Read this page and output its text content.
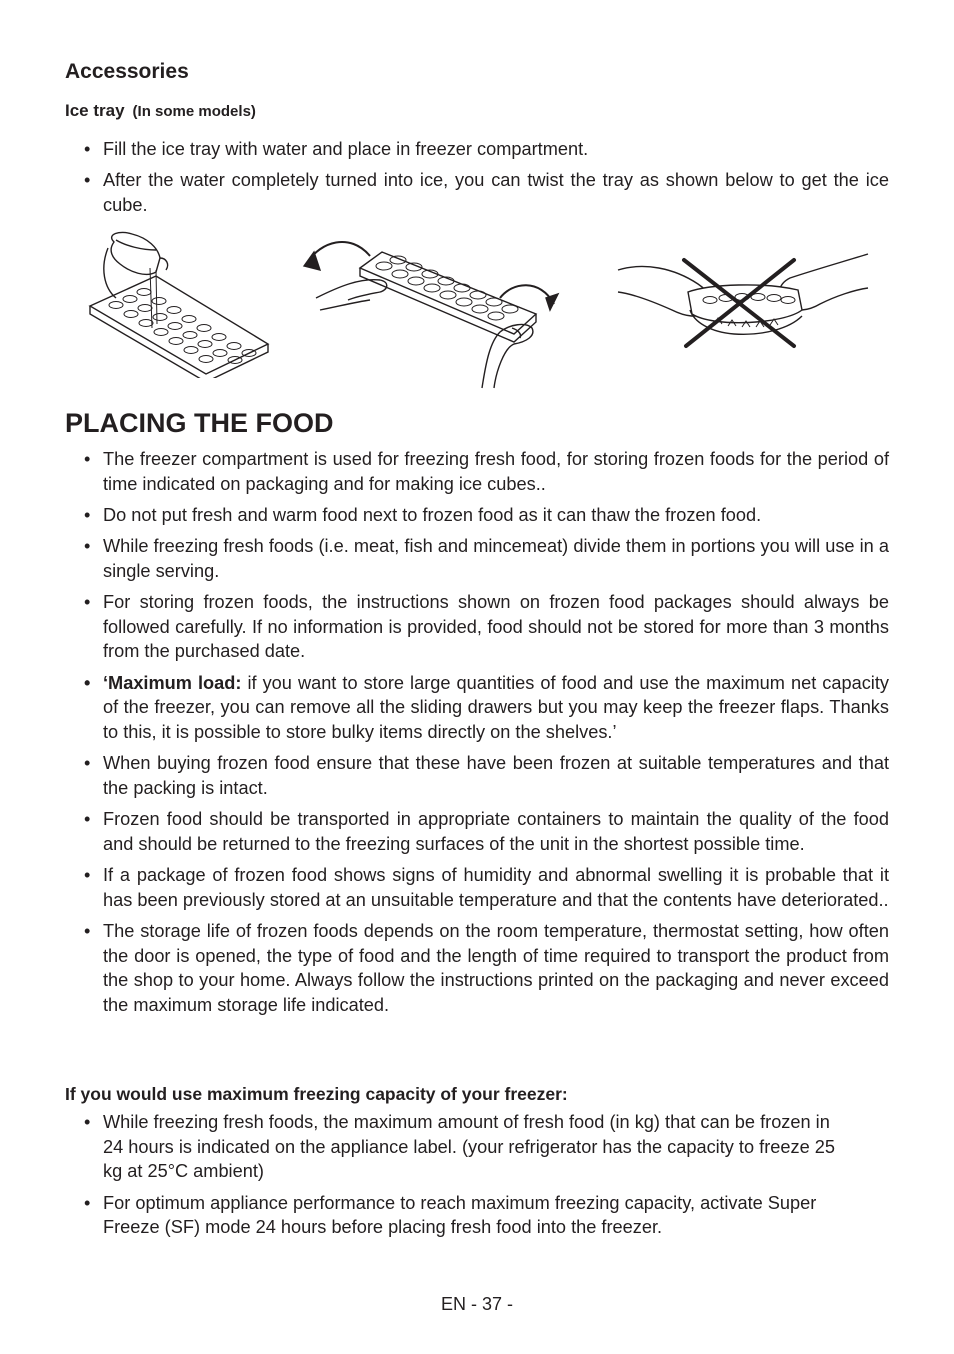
Accessories
Ice tray (In some models)
• Fill the ice tray with water and place in freezer compartment.
• After the water completely turned into ice, you can twist the tray as shown below to get the ice cube.
PLACING THE FOOD
• The freezer compartment is used for freezing fresh food, for storing frozen foods for the period of time indicated on packaging and for making ice cubes..
• Do not put fresh and warm food next to frozen food as it can thaw the frozen food.
• While freezing fresh foods (i.e. meat, fish and mincemeat) divide them in portions you will use in a single serving.
• For storing frozen foods, the instructions shown on frozen food packages should always be followed carefully. If no information is provided, food should not be stored for more than 3 months from the purchased date.
• ‘Maximum load: if you want to store large quantities of food and use the maximum net capacity of the freezer, you can remove all the sliding drawers but you may keep the freezer flaps. Thanks to this, it is possible to store bulky items directly on the shelves.’
• When buying frozen food ensure that these have been frozen at suitable temperatures and that the packing is intact.
• Frozen food should be transported in appropriate containers to maintain the quality of the food and should be returned to the freezing surfaces of the unit in the shortest possible time.
• If a package of frozen food shows signs of humidity and abnormal swelling it is probable that it has been previously stored at an unsuitable temperature and that the contents have deteriorated..
• The storage life of frozen foods depends on the room temperature, thermostat setting, how often the door is opened, the type of food and the length of time required to transport the product from the shop to your home. Always follow the instructions printed on the packaging and never exceed the maximum storage life indicated.
If you would use maximum freezing capacity of your freezer:
• While freezing fresh foods, the maximum amount of fresh food (in kg) that can be frozen in 24 hours is indicated on the appliance label. (your refrigerator has the capacity to freeze 25 kg at 25°C ambient)
• For optimum appliance performance to reach maximum freezing capacity, activate Super Freeze (SF) mode 24 hours before placing fresh food into the freezer.
EN - 37 -
